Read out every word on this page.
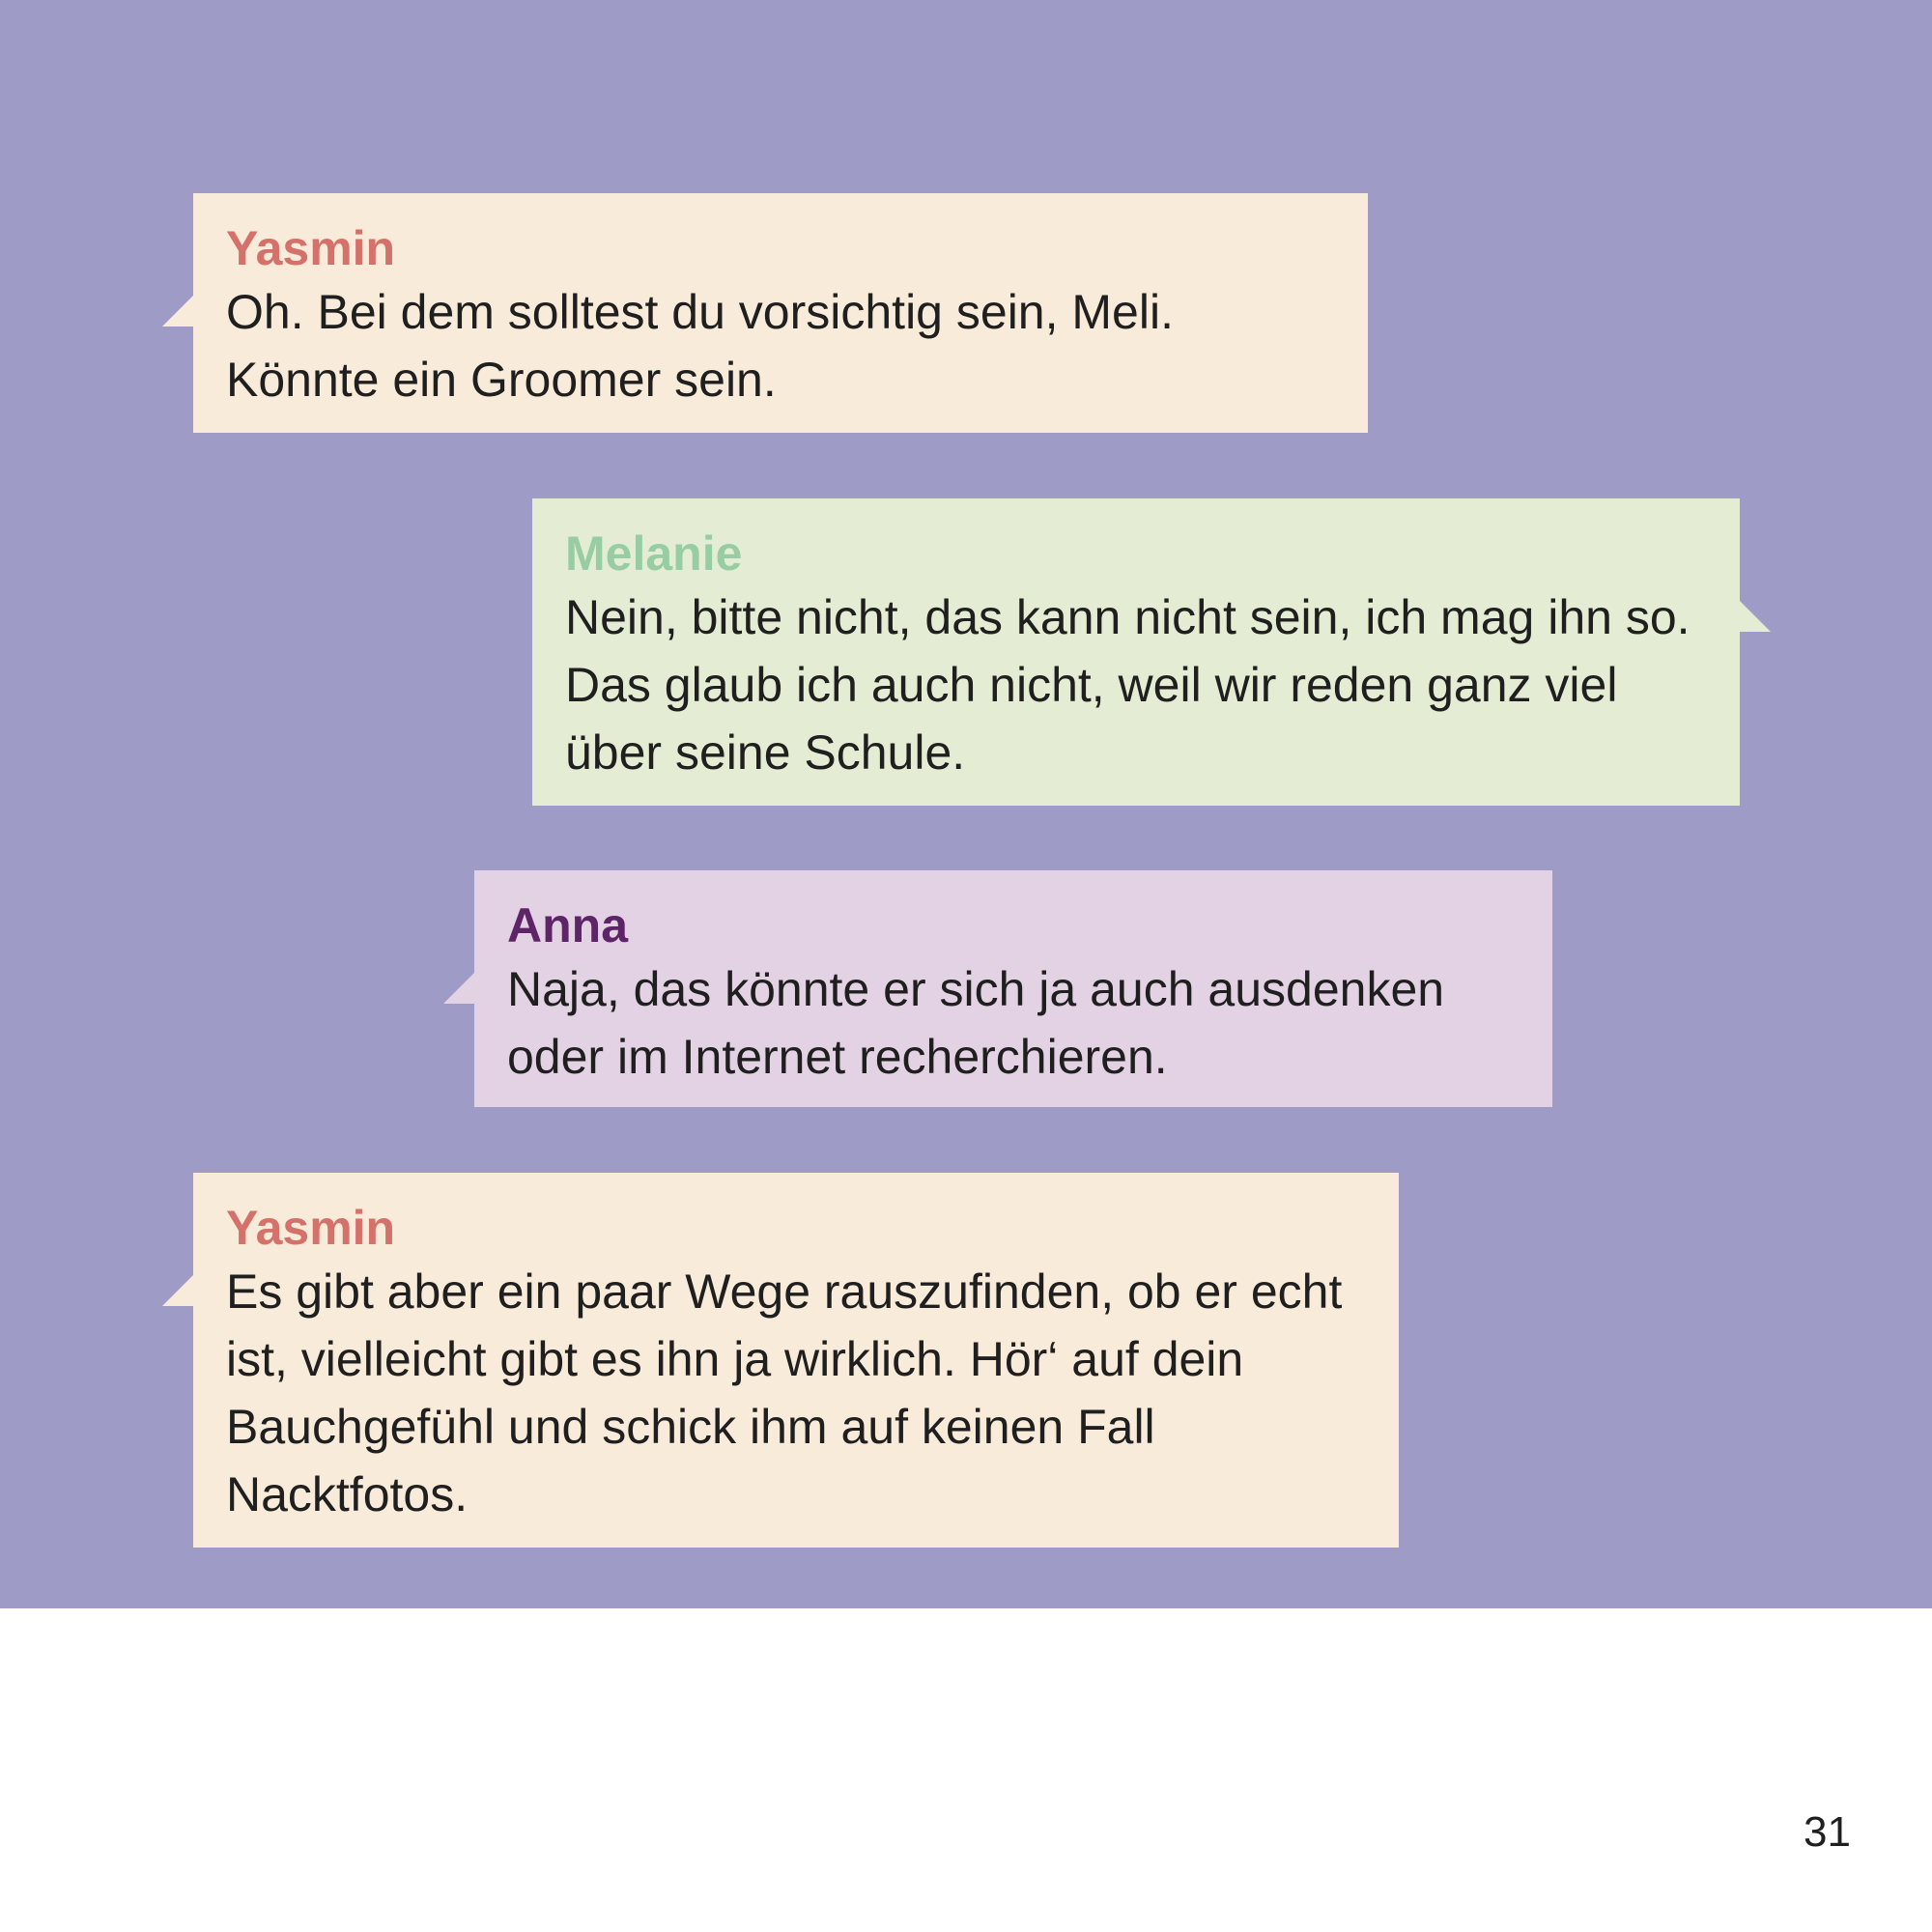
Yasmin
Oh. Bei dem solltest du vorsichtig sein, Meli. Könnte ein Groomer sein.
Melanie
Nein, bitte nicht, das kann nicht sein, ich mag ihn so. Das glaub ich auch nicht, weil wir reden ganz viel über seine Schule.
Anna
Naja, das könnte er sich ja auch ausdenken oder im Internet recherchieren.
Yasmin
Es gibt aber ein paar Wege rauszufinden, ob er echt ist, vielleicht gibt es ihn ja wirklich. Hör‘ auf dein Bauchgefühl und schick ihm auf keinen Fall Nacktfotos.
31
